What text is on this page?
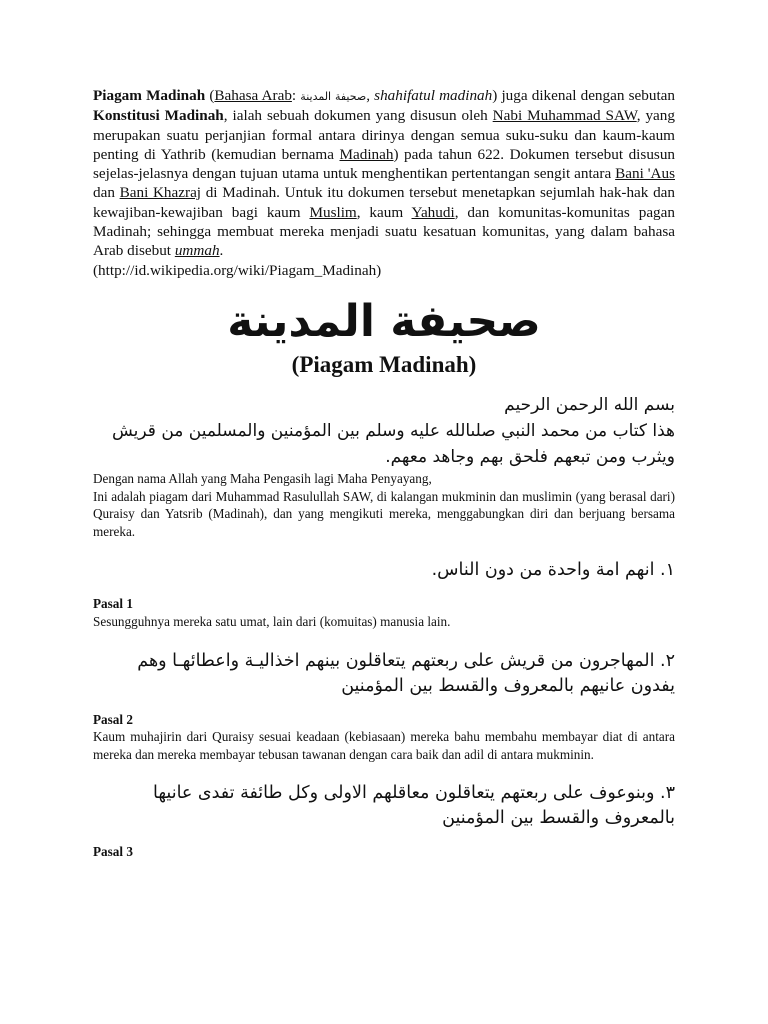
Piagam Madinah (Bahasa Arab: صحيفة المدينة, shahifatul madinah) juga dikenal dengan sebutan Konstitusi Madinah, ialah sebuah dokumen yang disusun oleh Nabi Muhammad SAW, yang merupakan suatu perjanjian formal antara dirinya dengan semua suku-suku dan kaum-kaum penting di Yathrib (kemudian bernama Madinah) pada tahun 622. Dokumen tersebut disusun sejelas-jelasnya dengan tujuan utama untuk menghentikan pertentangan sengit antara Bani 'Aus dan Bani Khazraj di Madinah. Untuk itu dokumen tersebut menetapkan sejumlah hak-hak dan kewajiban-kewajiban bagi kaum Muslim, kaum Yahudi, dan komunitas-komunitas pagan Madinah; sehingga membuat mereka menjadi suatu kesatuan komunitas, yang dalam bahasa Arab disebut ummah.
(http://id.wikipedia.org/wiki/Piagam_Madinah)

صحيفة المدينة
(Piagam Madinah)

بسم الله الرحمن الرحيم

هذا كتاب من محمد النبي صلىالله عليه وسلم بين المؤمنين والمسلمين من قريش

ويثرب ومن تبعهم فلحق بهم وجاهد معهم.

Dengan nama Allah yang Maha Pengasih lagi Maha Penyayang,

Ini adalah piagam dari Muhammad Rasulullah SAW, di kalangan mukminin dan muslimin (yang berasal dari) Quraisy dan Yatsrib (Madinah), dan yang mengikuti mereka, menggabungkan diri dan berjuang bersama mereka.

١. انهم امة واحدة من دون الناس.

Pasal 1

Sesungguhnya mereka satu umat, lain dari (komuitas) manusia lain.

٢. المهاجرون من قريش على ربعتهم يتعاقلون بينهم اخذاليـة واعطائهـا وهم

يفدون عانيهم بالمعروف والقسط بين المؤمنين

Pasal 2

Kaum muhajirin dari Quraisy sesuai keadaan (kebiasaan) mereka bahu membahu membayar diat di antara mereka dan mereka membayar tebusan tawanan dengan cara baik dan adil di antara mukminin.

٣. وبنوعوف على ربعتهم يتعاقلون معاقلهم الاولى وكل طائفة تفدى عانيها

بالمعروف والقسط بين المؤمنين

Pasal 3
